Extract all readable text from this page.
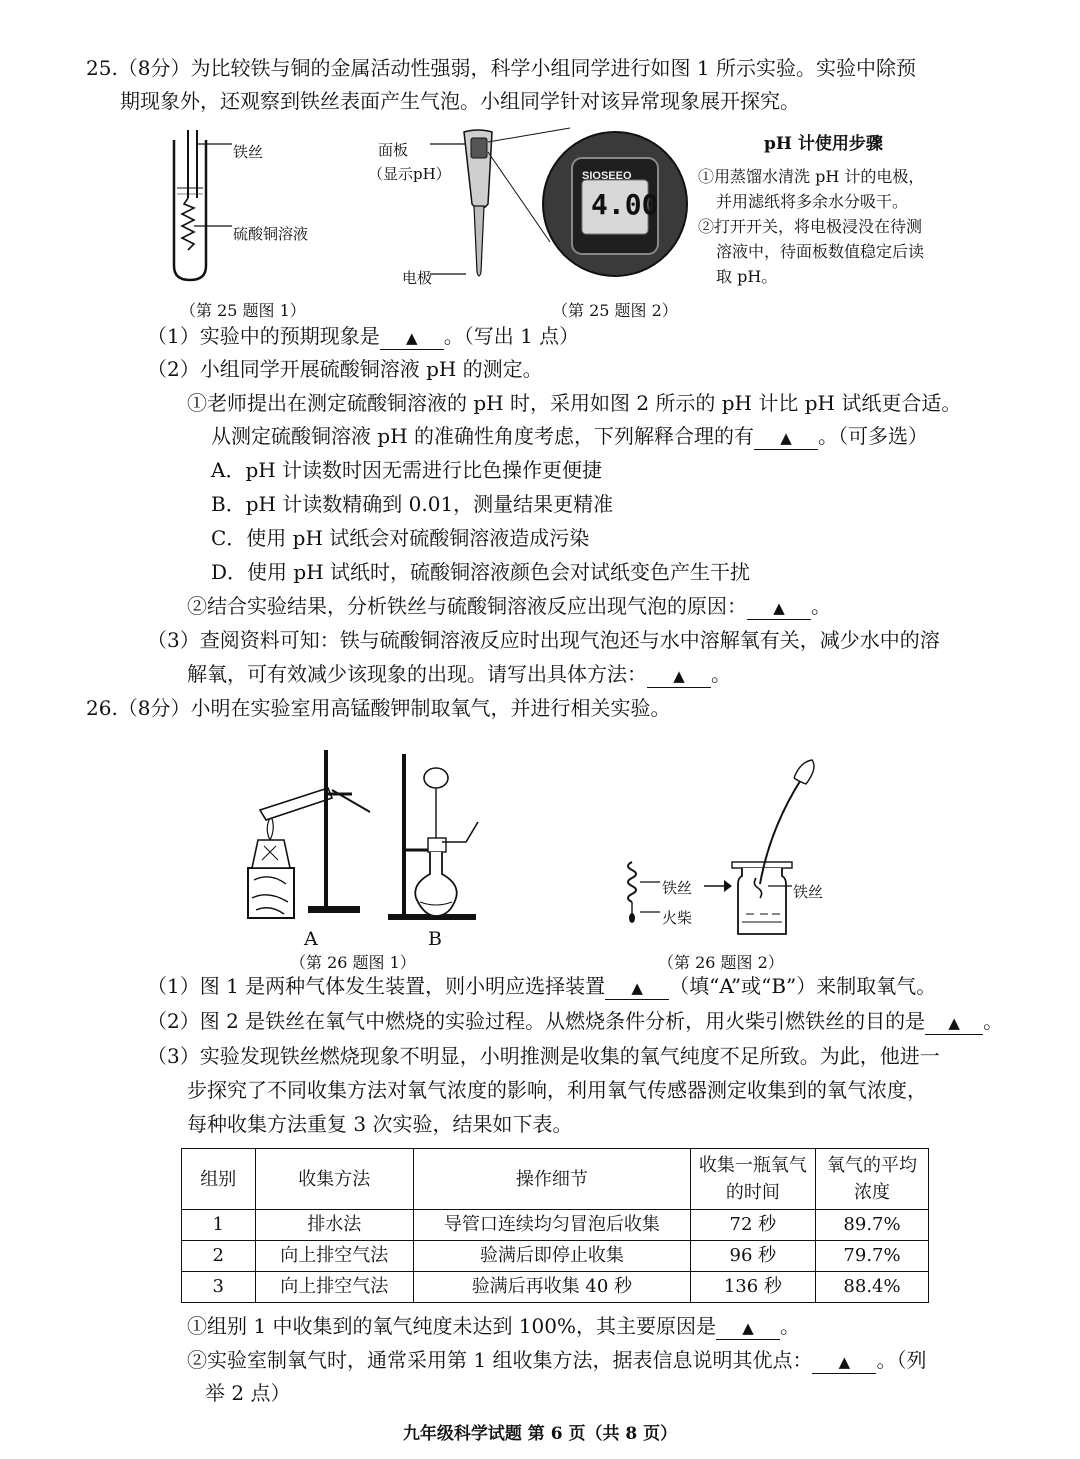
25.（8分）为比较铁与铜的金属活动性强弱，科学小组同学进行如图 1 所示实验。实验中除预
期现象外，还观察到铁丝表面产生气泡。小组同学针对该异常现象展开探究。
铁丝
硫酸铜溶液
（第 25 题图 1）
面板
（显示pH）
电极
SIOSEEO
4.00
（第 25 题图 2）
pH 计使用步骤
①用蒸馏水清洗 pH 计的电极，
并用滤纸将多余水分吸干。
②打开开关，将电极浸没在待测
溶液中，待面板数值稳定后读
取 pH。
（1）实验中的预期现象是 ▲ 。（写出 1 点）
（2）小组同学开展硫酸铜溶液 pH 的测定。
①老师提出在测定硫酸铜溶液的 pH 时，采用如图 2 所示的 pH 计比 pH 试纸更合适。
从测定硫酸铜溶液 pH 的准确性角度考虑，下列解释合理的有 ▲ 。（可多选）
A．pH 计读数时因无需进行比色操作更便捷
B．pH 计读数精确到 0.01，测量结果更精准
C．使用 pH 试纸会对硫酸铜溶液造成污染
D．使用 pH 试纸时，硫酸铜溶液颜色会对试纸变色产生干扰
②结合实验结果，分析铁丝与硫酸铜溶液反应出现气泡的原因： ▲ 。
（3）查阅资料可知：铁与硫酸铜溶液反应时出现气泡还与水中溶解氧有关，减少水中的溶
解氧，可有效减少该现象的出现。请写出具体方法： ▲ 。
26.（8分）小明在实验室用高锰酸钾制取氧气，并进行相关实验。
A	B
（第 26 题图 1）
铁丝
火柴
铁丝
（第 26 题图 2）
（1）图 1 是两种气体发生装置，则小明应选择装置 ▲ （填“A”或“B”）来制取氧气。
（2）图 2 是铁丝在氧气中燃烧的实验过程。从燃烧条件分析，用火柴引燃铁丝的目的是 ▲ 。
（3）实验发现铁丝燃烧现象不明显，小明推测是收集的氧气纯度不足所致。为此，他进一
步探究了不同收集方法对氧气浓度的影响，利用氧气传感器测定收集到的氧气浓度，
每种收集方法重复 3 次实验，结果如下表。
组别	收集方法	操作细节	收集一瓶氧气的时间	氧气的平均浓度
1	排水法	导管口连续均匀冒泡后收集	72 秒	89.7%
2	向上排空气法	验满后即停止收集	96 秒	79.7%
3	向上排空气法	验满后再收集 40 秒	136 秒	88.4%
①组别 1 中收集到的氧气纯度未达到 100%，其主要原因是 ▲ 。
②实验室制氧气时，通常采用第 1 组收集方法，据表信息说明其优点： ▲ 。（列
举 2 点）
九年级科学试题 第 6 页（共 8 页）
